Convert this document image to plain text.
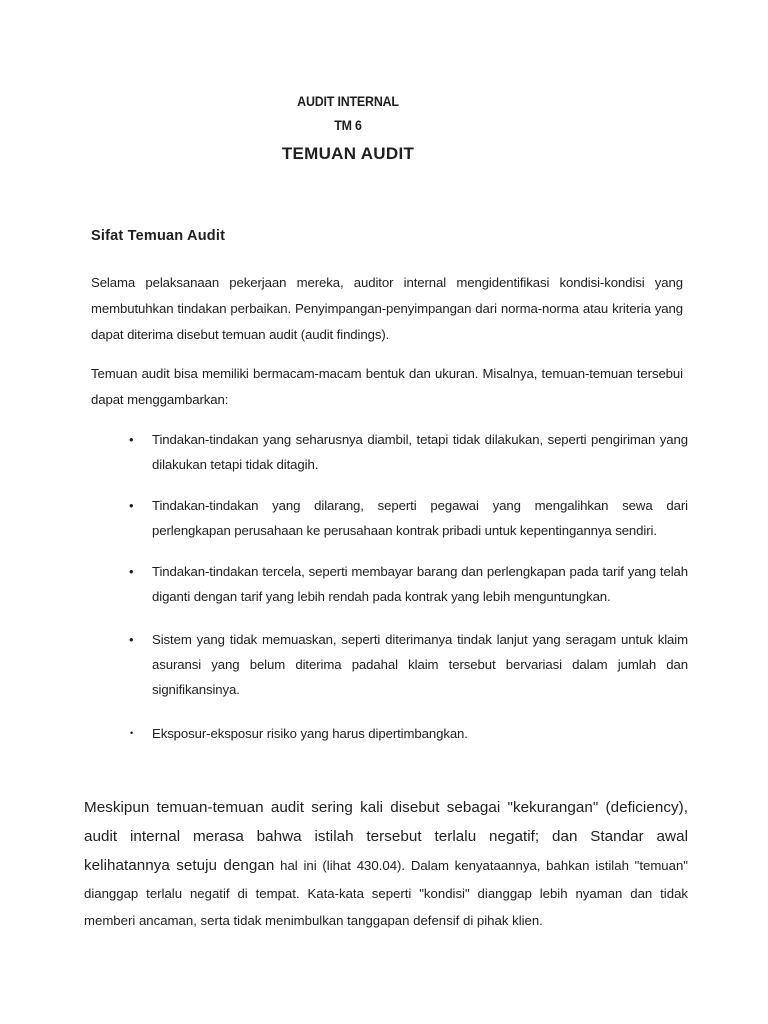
AUDIT INTERNAL
TM 6
TEMUAN AUDIT
Sifat Temuan Audit
Selama pelaksanaan pekerjaan mereka, auditor internal mengidentifikasi kondisi-kondisi yang membutuhkan tindakan perbaikan. Penyimpangan-penyimpangan dari norma-norma atau kriteria yang dapat diterima disebut temuan audit (audit findings).
Temuan audit bisa memiliki bermacam-macam bentuk dan ukuran. Misalnya, temuan-temuan tersebui dapat menggambarkan:
• Tindakan-tindakan yang seharusnya diambil, tetapi tidak dilakukan, seperti pengiriman yang dilakukan tetapi tidak ditagih.
• Tindakan-tindakan yang dilarang, seperti pegawai yang mengalihkan sewa dari perlengkapan perusahaan ke perusahaan kontrak pribadi untuk kepentingannya sendiri.
• Tindakan-tindakan tercela, seperti membayar barang dan perlengkapan pada tarif yang telah diganti dengan tarif yang lebih rendah pada kontrak yang lebih menguntungkan.
• Sistem yang tidak memuaskan, seperti diterimanya tindak lanjut yang seragam untuk klaim asuransi yang belum diterima padahal klaim tersebut bervariasi dalam jumlah dan signifikansinya.
• Eksposur-eksposur risiko yang harus dipertimbangkan.
Meskipun temuan-temuan audit sering kali disebut sebagai "kekurangan" (deficiency), audit internal merasa bahwa istilah tersebut terlalu negatif; dan Standar awal kelihatannya setuju dengan hal ini (lihat 430.04). Dalam kenyataannya, bahkan istilah "temuan" dianggap terlalu negatif di tempat. Kata-kata seperti "kondisi" dianggap lebih nyaman dan tidak memberi ancaman, serta tidak menimbulkan tanggapan defensif di pihak klien.
